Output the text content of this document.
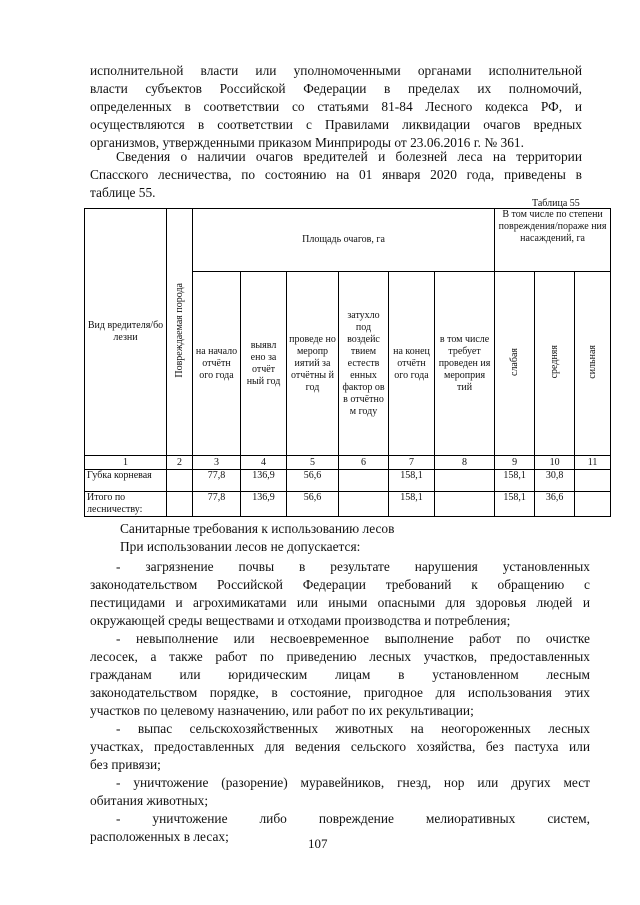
исполнительной власти или уполномоченными органами исполнительной
власти субъектов Российской Федерации в пределах их полномочий,
определенных в соответствии со статьями 81-84 Лесного кодекса РФ, и
осуществляются в соответствии с Правилами ликвидации очагов вредных
организмов, утвержденными приказом Минприроды от 23.06.2016 г. № 361.
Сведения о наличии очагов вредителей и болезней леса на территории
Спасского лесничества, по состоянию на 01 января 2020 года, приведены в
таблице 55.
Таблица 55
Вид вредителя/бо лезни	Повреждаемая порода	Площадь очагов, га						В том числе по степени повреждения/пораже ния насаждений, га		
		на начало отчётн ого года	выявл ено за отчёт ный год	проведе но меропр иятий за отчётны й год	затухло под воздейс твием естеств енных фактор ов в отчётно м году	на конец отчётн ого года	в том числе требует проведен ия мероприя тий	слабая	средняя	сильная
1	2	3	4	5	6	7	8	9	10	11
Губка корневая		77,8	136,9	56,6		158,1		158,1	30,8	
Итого по лесничеству:		77,8	136,9	56,6		158,1		158,1	36,6	
Санитарные требования к использованию лесов
При использовании лесов не допускается:
- загрязнение почвы в результате нарушения установленных
законодательством Российской Федерации требований к обращению с
пестицидами и агрохимикатами или иными опасными для здоровья людей и
окружающей среды веществами и отходами производства и потребления;
- невыполнение или несвоевременное выполнение работ по очистке
лесосек, а также работ по приведению лесных участков, предоставленных
гражданам или юридическим лицам в установленном лесным
законодательством порядке, в состояние, пригодное для использования этих
участков по целевому назначению, или работ по их рекультивации;
- выпас сельскохозяйственных животных на неогороженных лесных
участках, предоставленных для ведения сельского хозяйства, без пастуха или
без привязи;
- уничтожение (разорение) муравейников, гнезд, нор или других мест
обитания животных;
- уничтожение либо повреждение мелиоративных систем,
расположенных в лесах;	107
